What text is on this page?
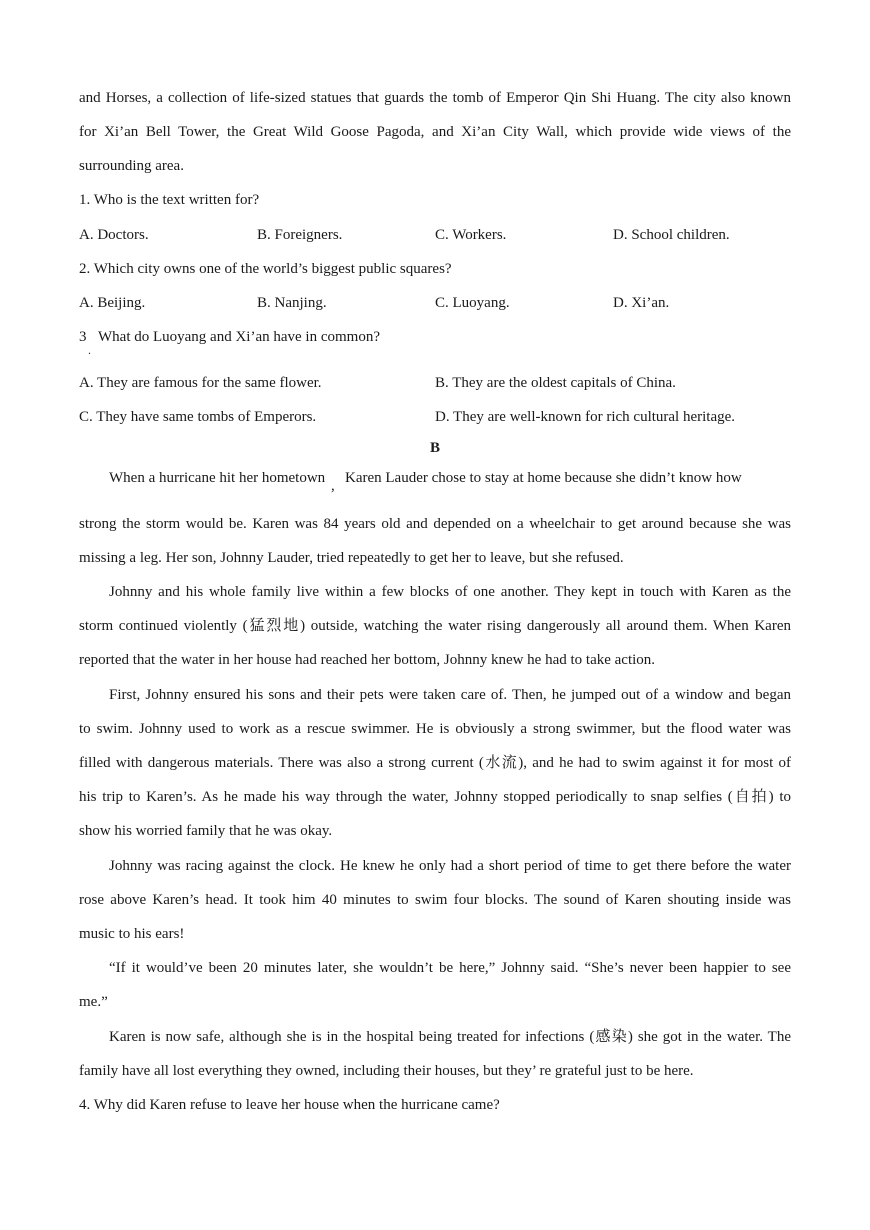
and Horses, a collection of life-sized statues that guards the tomb of Emperor Qin Shi Huang. The city also known
for Xi’an Bell Tower, the Great Wild Goose Pagoda, and Xi’an City Wall, which provide wide views of the
surrounding area.
1. Who is the text written for?
A. Doctors.	B. Foreigners.	C. Workers.	D. School children.
2. Which city owns one of the world’s biggest public squares?
A. Beijing.	B. Nanjing.	C. Luoyang.	D. Xi’an.
3
.
What do Luoyang and Xi’an have in common?
A. They are famous for the same flower.	B. They are the oldest capitals of China.
C. They have same tombs of Emperors.	D. They are well-known for rich cultural heritage.
B
When a hurricane hit her hometown , Karen Lauder chose to stay at home because she didn’t know how
strong the storm would be. Karen was 84 years old and depended on a wheelchair to get around because she was
missing a leg. Her son, Johnny Lauder, tried repeatedly to get her to leave, but she refused.
Johnny and his whole family live within a few blocks of one another. They kept in touch with Karen as the
storm continued violently (猛烈地) outside, watching the water rising dangerously all around them. When Karen
reported that the water in her house had reached her bottom, Johnny knew he had to take action.
First, Johnny ensured his sons and their pets were taken care of. Then, he jumped out of a window and began
to swim. Johnny used to work as a rescue swimmer. He is obviously a strong swimmer, but the flood water was
filled with dangerous materials. There was also a strong current (水流), and he had to swim against it for most of
his trip to Karen’s. As he made his way through the water, Johnny stopped periodically to snap selfies (自拍) to
show his worried family that he was okay.
Johnny was racing against the clock. He knew he only had a short period of time to get there before the water
rose above Karen’s head. It took him 40 minutes to swim four blocks. The sound of Karen shouting inside was
music to his ears!
“If it would’ve been 20 minutes later, she wouldn’t be here,” Johnny said. “She’s never been happier to see
me.”
Karen is now safe, although she is in the hospital being treated for infections (感染) she got in the water. The
family have all lost everything they owned, including their houses, but they’ re grateful just to be here.
4. Why did Karen refuse to leave her house when the hurricane came?
